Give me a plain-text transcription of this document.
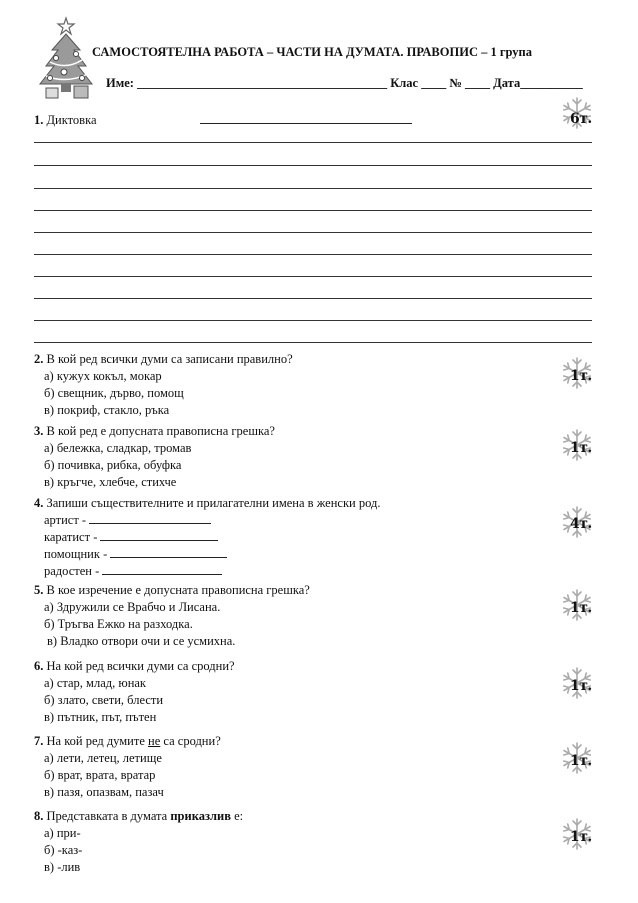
САМОСТОЯТЕЛНА РАБОТА – ЧАСТИ НА ДУМАТА. ПРАВОПИС – 1 група
Име: ________________________________________ Клас ____ № ____ Дата__________
1. Диктовка
2. В кой ред всички думи са записани правилно?
а) кужух кокъл, мокар
б) свещник, дърво, помощ
в) покриф, стакло, ръка
3. В кой ред е допусната правописна грешка?
а) бележка, сладкар, тромав
б) почивка, рибка, обуфка
в) кръгче, хлебче, стихче
4. Запиши съществителните и прилагателни имена в женски род.
артист -
каратист -
помощник -
радостен -
5. В кое изречение е допусната правописна грешка?
а) Здружили се Врабчо и Лисана.
б) Тръгва Ежко на разходка.
в) Владко отвори очи и се усмихна.
6. На кой ред всички думи са сродни?
а) стар, млад, юнак
б) злато, свети, блести
в) пътник, път, пътен
7. На кой ред думите не са сродни?
а) лети, летец, летище
б) врат, врата, вратар
в) пазя, опазвам, пазач
8. Представката в думата приказлив е:
а) при-
б) -каз-
в) -лив
6т.
1т.
1т.
4т.
1т.
1т.
1т.
1т.
